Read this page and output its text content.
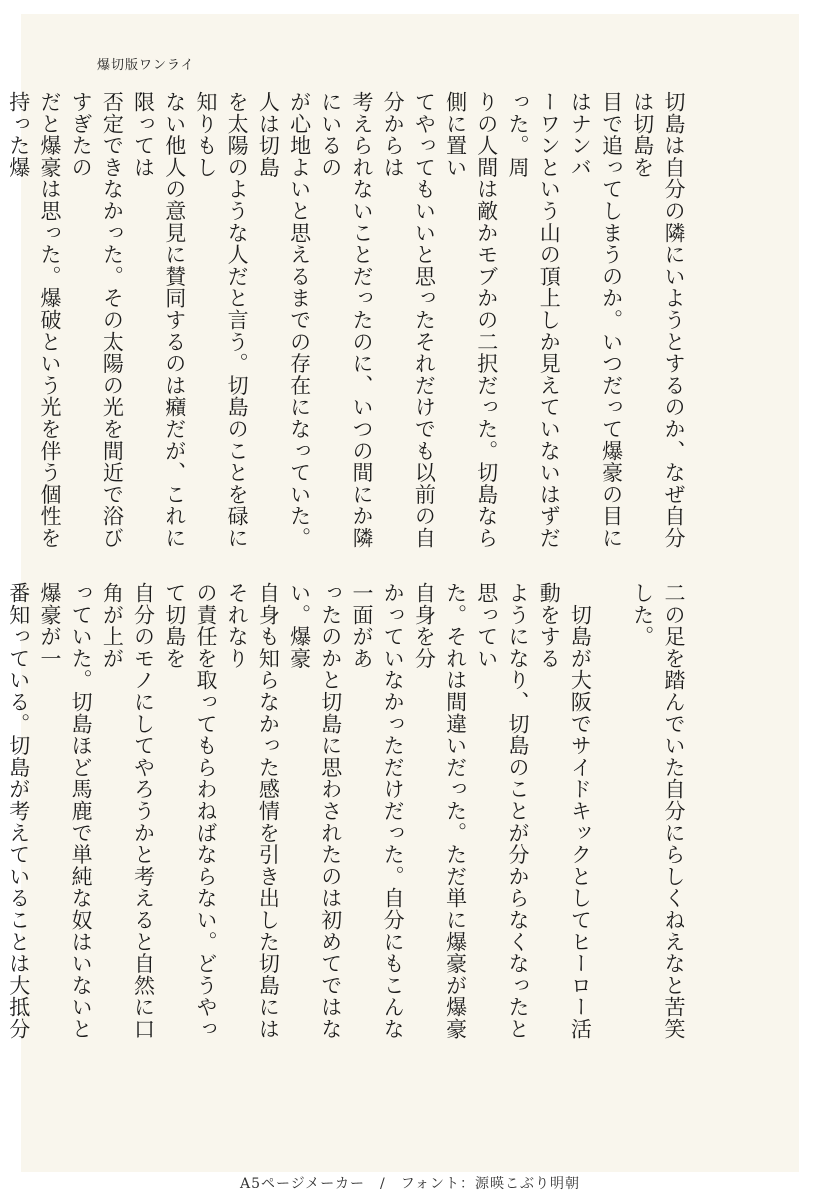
爆切版ワンライ
切島は自分の隣にいようとするのか、なぜ自分は切島を
目で追ってしまうのか。いつだって爆豪の目にはナンバ
ーワンという山の頂上しか見えていないはずだった。周
りの人間は敵かモブかの二択だった。切島なら側に置い
てやってもいいと思ったそれだけでも以前の自分からは
考えられないことだったのに、いつの間にか隣にいるの
が心地よいと思えるまでの存在になっていた。人は切島
を太陽のような人だと言う。切島のことを碌に知りもし
ない他人の意見に賛同するのは癪だが、これに限っては
否定できなかった。その太陽の光を間近で浴びすぎたの
だと爆豪は思った。爆破という光を伴う個性を持った爆

二の足を踏んでいた自分にらしくねえなと苦笑した。

　切島が大阪でサイドキックとしてヒーロー活動をする
ようになり、切島のことが分からなくなったと思ってい
た。それは間違いだった。ただ単に爆豪が爆豪自身を分
かっていなかっただけだった。自分にもこんな一面があ
ったのかと切島に思わされたのは初めてではない。爆豪
自身も知らなかった感情を引き出した切島にはそれなり
の責任を取ってもらわねばならない。どうやって切島を
自分のモノにしてやろうかと考えると自然に口角が上が
っていた。切島ほど馬鹿で単純な奴はいないと爆豪が一
番知っている。切島が考えていることは大抵分

A5ページメーカー　/　フォント：源暎こぶり明朝
